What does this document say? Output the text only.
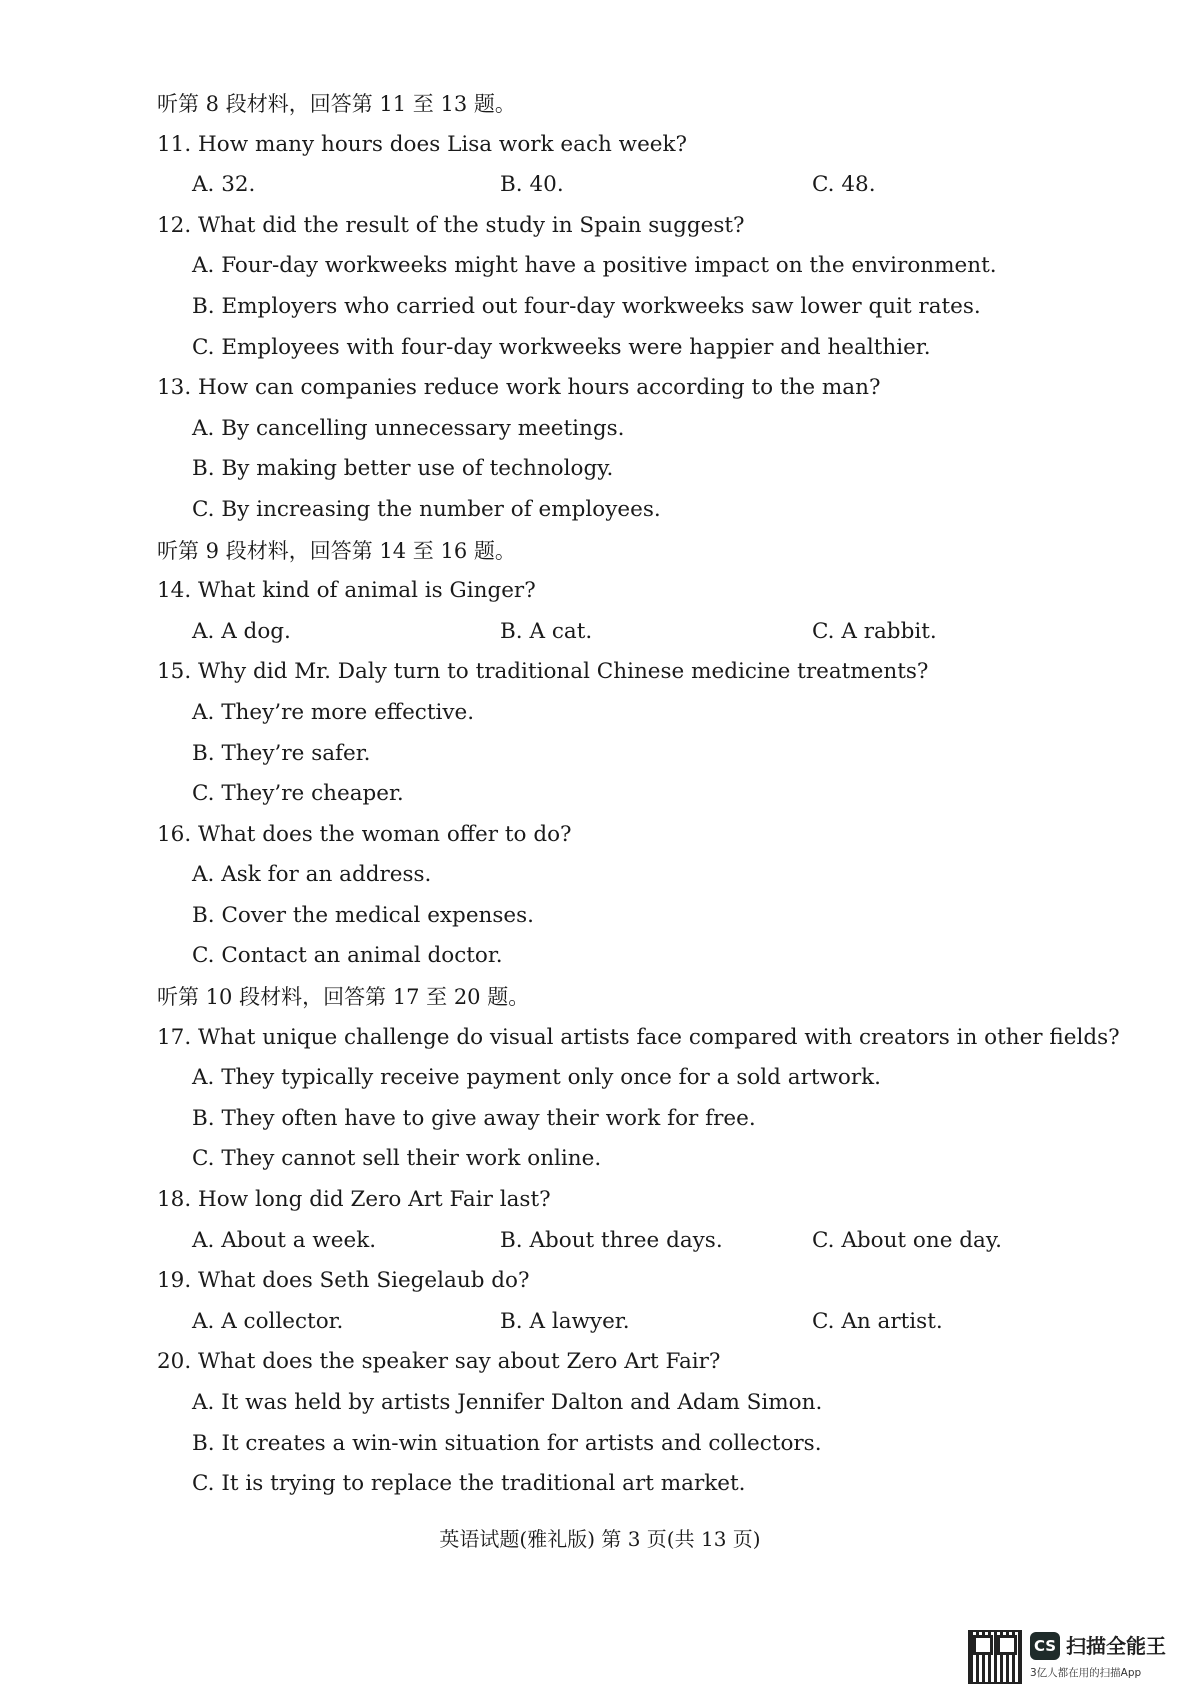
听第 8 段材料，回答第 11 至 13 题。
11. How many hours does Lisa work each week?
A. 32.	B. 40.	C. 48.
12. What did the result of the study in Spain suggest?
A. Four-day workweeks might have a positive impact on the environment.
B. Employers who carried out four-day workweeks saw lower quit rates.
C. Employees with four-day workweeks were happier and healthier.
13. How can companies reduce work hours according to the man?
A. By cancelling unnecessary meetings.
B. By making better use of technology.
C. By increasing the number of employees.
听第 9 段材料，回答第 14 至 16 题。
14. What kind of animal is Ginger?
A. A dog.	B. A cat.	C. A rabbit.
15. Why did Mr. Daly turn to traditional Chinese medicine treatments?
A. They’re more effective.
B. They’re safer.
C. They’re cheaper.
16. What does the woman offer to do?
A. Ask for an address.
B. Cover the medical expenses.
C. Contact an animal doctor.
听第 10 段材料，回答第 17 至 20 题。
17. What unique challenge do visual artists face compared with creators in other fields?
A. They typically receive payment only once for a sold artwork.
B. They often have to give away their work for free.
C. They cannot sell their work online.
18. How long did Zero Art Fair last?
A. About a week.	B. About three days.	C. About one day.
19. What does Seth Siegelaub do?
A. A collector.	B. A lawyer.	C. An artist.
20. What does the speaker say about Zero Art Fair?
A. It was held by artists Jennifer Dalton and Adam Simon.
B. It creates a win-win situation for artists and collectors.
C. It is trying to replace the traditional art market.
英语试题(雅礼版) 第 3 页(共 13 页)
CS 扫描全能王
3亿人都在用的扫描App
